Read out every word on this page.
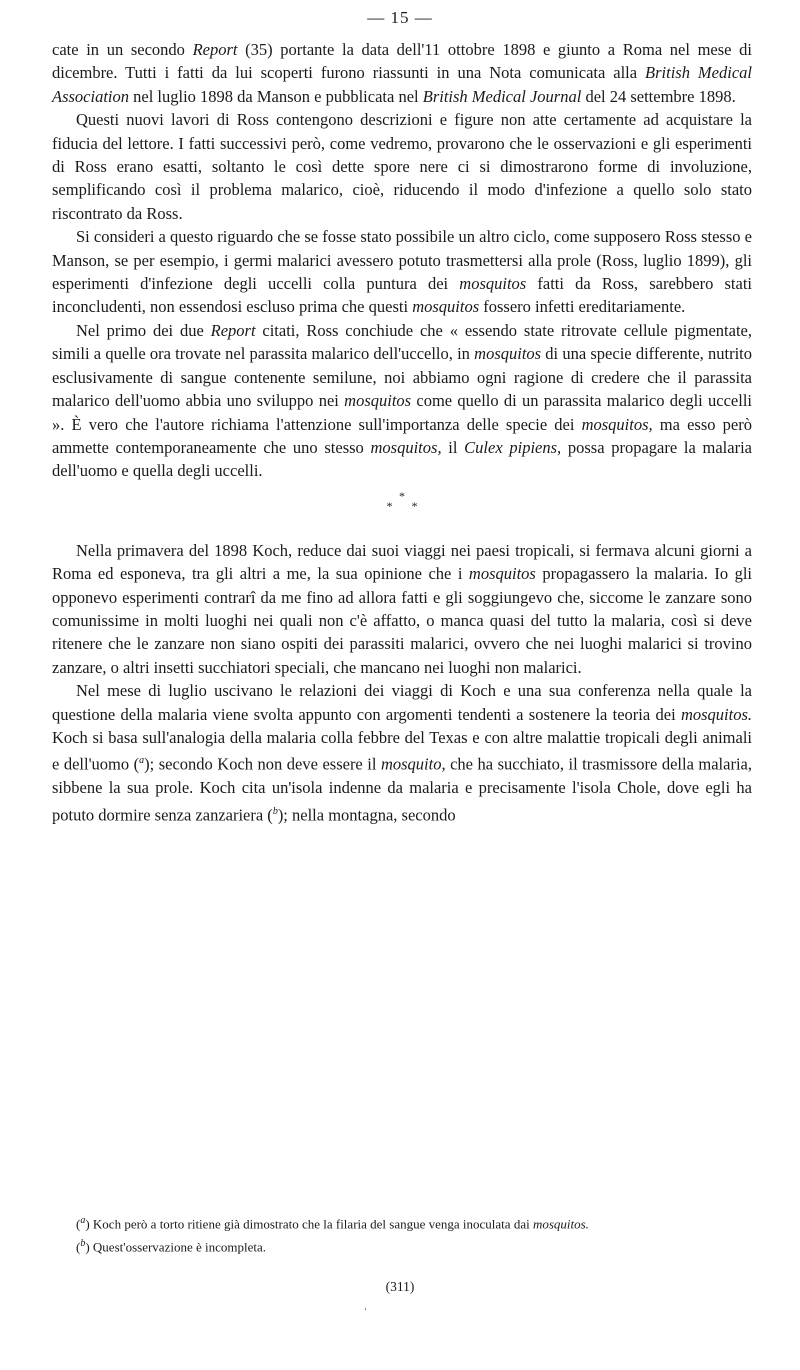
— 15 —

cate in un secondo Report (35) portante la data dell'11 ottobre 1898 e giunto a Roma nel mese di dicembre. Tutti i fatti da lui scoperti furono riassunti in una Nota comunicata alla British Medical Association nel luglio 1898 da Manson e pubblicata nel British Medical Journal del 24 settembre 1898.

Questi nuovi lavori di Ross contengono descrizioni e figure non atte certamente ad acquistare la fiducia del lettore. I fatti successivi però, come vedremo, provarono che le osservazioni e gli esperimenti di Ross erano esatti, soltanto le così dette spore nere ci si dimostrarono forme di involuzione, semplificando così il problema malarico, cioè, riducendo il modo d'infezione a quello solo stato riscontrato da Ross.

Si consideri a questo riguardo che se fosse stato possibile un altro ciclo, come supposero Ross stesso e Manson, se per esempio, i germi malarici avessero potuto trasmettersi alla prole (Ross, luglio 1899), gli esperimenti d'infezione degli uccelli colla puntura dei mosquitos fatti da Ross, sarebbero stati inconcludenti, non essendosi escluso prima che questi mosquitos fossero infetti ereditariamente.

Nel primo dei due Report citati, Ross conchiude che « essendo state ritrovate cellule pigmentate, simili a quelle ora trovate nel parassita malarico dell'uccello, in mosquitos di una specie differente, nutrito esclusivamente di sangue contenente semilune, noi abbiamo ogni ragione di credere che il parassita malarico dell'uomo abbia uno sviluppo nei mosquitos come quello di un parassita malarico degli uccelli ». È vero che l'autore richiama l'attenzione sull'importanza delle specie dei mosquitos, ma esso però ammette contemporaneamente che uno stesso mosquitos, il Culex pipiens, possa propagare la malaria dell'uomo e quella degli uccelli.

*
* *

Nella primavera del 1898 Koch, reduce dai suoi viaggi nei paesi tropicali, si fermava alcuni giorni a Roma ed esponeva, tra gli altri a me, la sua opinione che i mosquitos propagassero la malaria. Io gli opponevo esperimenti contrarî da me fino ad allora fatti e gli soggiungevo che, siccome le zanzare sono comunissime in molti luoghi nei quali non c'è affatto, o manca quasi del tutto la malaria, così si deve ritenere che le zanzare non siano ospiti dei parassiti malarici, ovvero che nei luoghi malarici si trovino zanzare, o altri insetti succhiatori speciali, che mancano nei luoghi non malarici.

Nel mese di luglio uscivano le relazioni dei viaggi di Koch e una sua conferenza nella quale la questione della malaria viene svolta appunto con argomenti tendenti a sostenere la teoria dei mosquitos. Koch si basa sull'analogia della malaria colla febbre del Texas e con altre malattie tropicali degli animali e dell'uomo ($^a$); secondo Koch non deve essere il mosquito, che ha succhiato, il trasmissore della malaria, sibbene la sua prole. Koch cita un'isola indenne da malaria e precisamente l'isola Chole, dove egli ha potuto dormire senza zanzariera ($^b$); nella montagna, secondo

($^a$) Koch però a torto ritiene già dimostrato che la filaria del sangue venga inoculata dai mosquitos.

($^b$) Quest'osservazione è incompleta.

(311)
ʻ
